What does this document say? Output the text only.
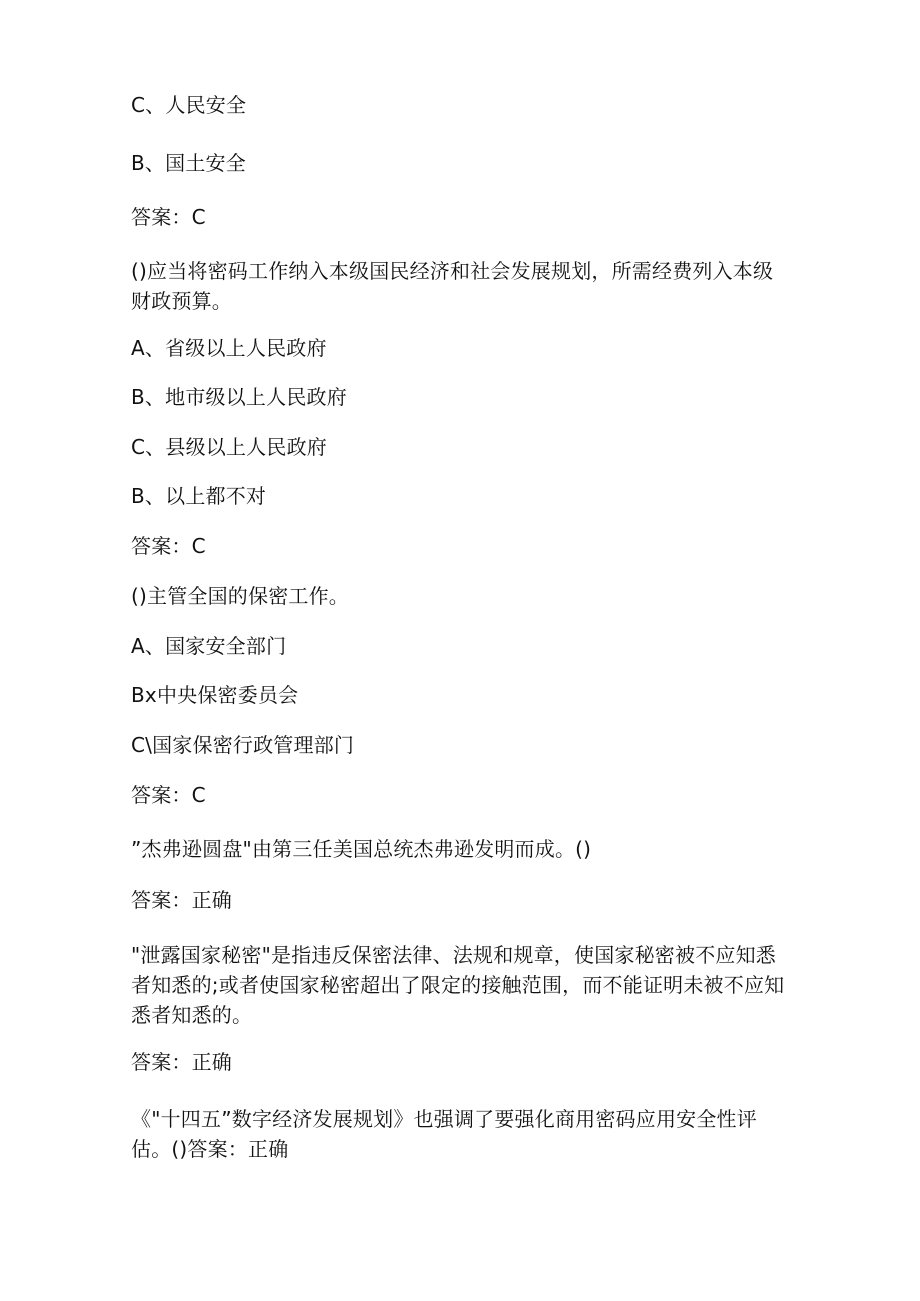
C、人民安全
B、国土安全
答案：C
()应当将密码工作纳入本级国民经济和社会发展规划，所需经费列入本级
财政预算。
A、省级以上人民政府
B、地市级以上人民政府
C、县级以上人民政府
B、以上都不对
答案：C
()主管全国的保密工作。
A、国家安全部门
Bx中央保密委员会
C\国家保密行政管理部门
答案：C
”杰弗逊圆盘"由第三任美国总统杰弗逊发明而成。()
答案：正确
"泄露国家秘密"是指违反保密法律、法规和规章，使国家秘密被不应知悉
者知悉的;或者使国家秘密超出了限定的接触范围，而不能证明未被不应知
悉者知悉的。
答案：正确
《"十四五”数字经济发展规划》也强调了要强化商用密码应用安全性评
估。()答案：正确
